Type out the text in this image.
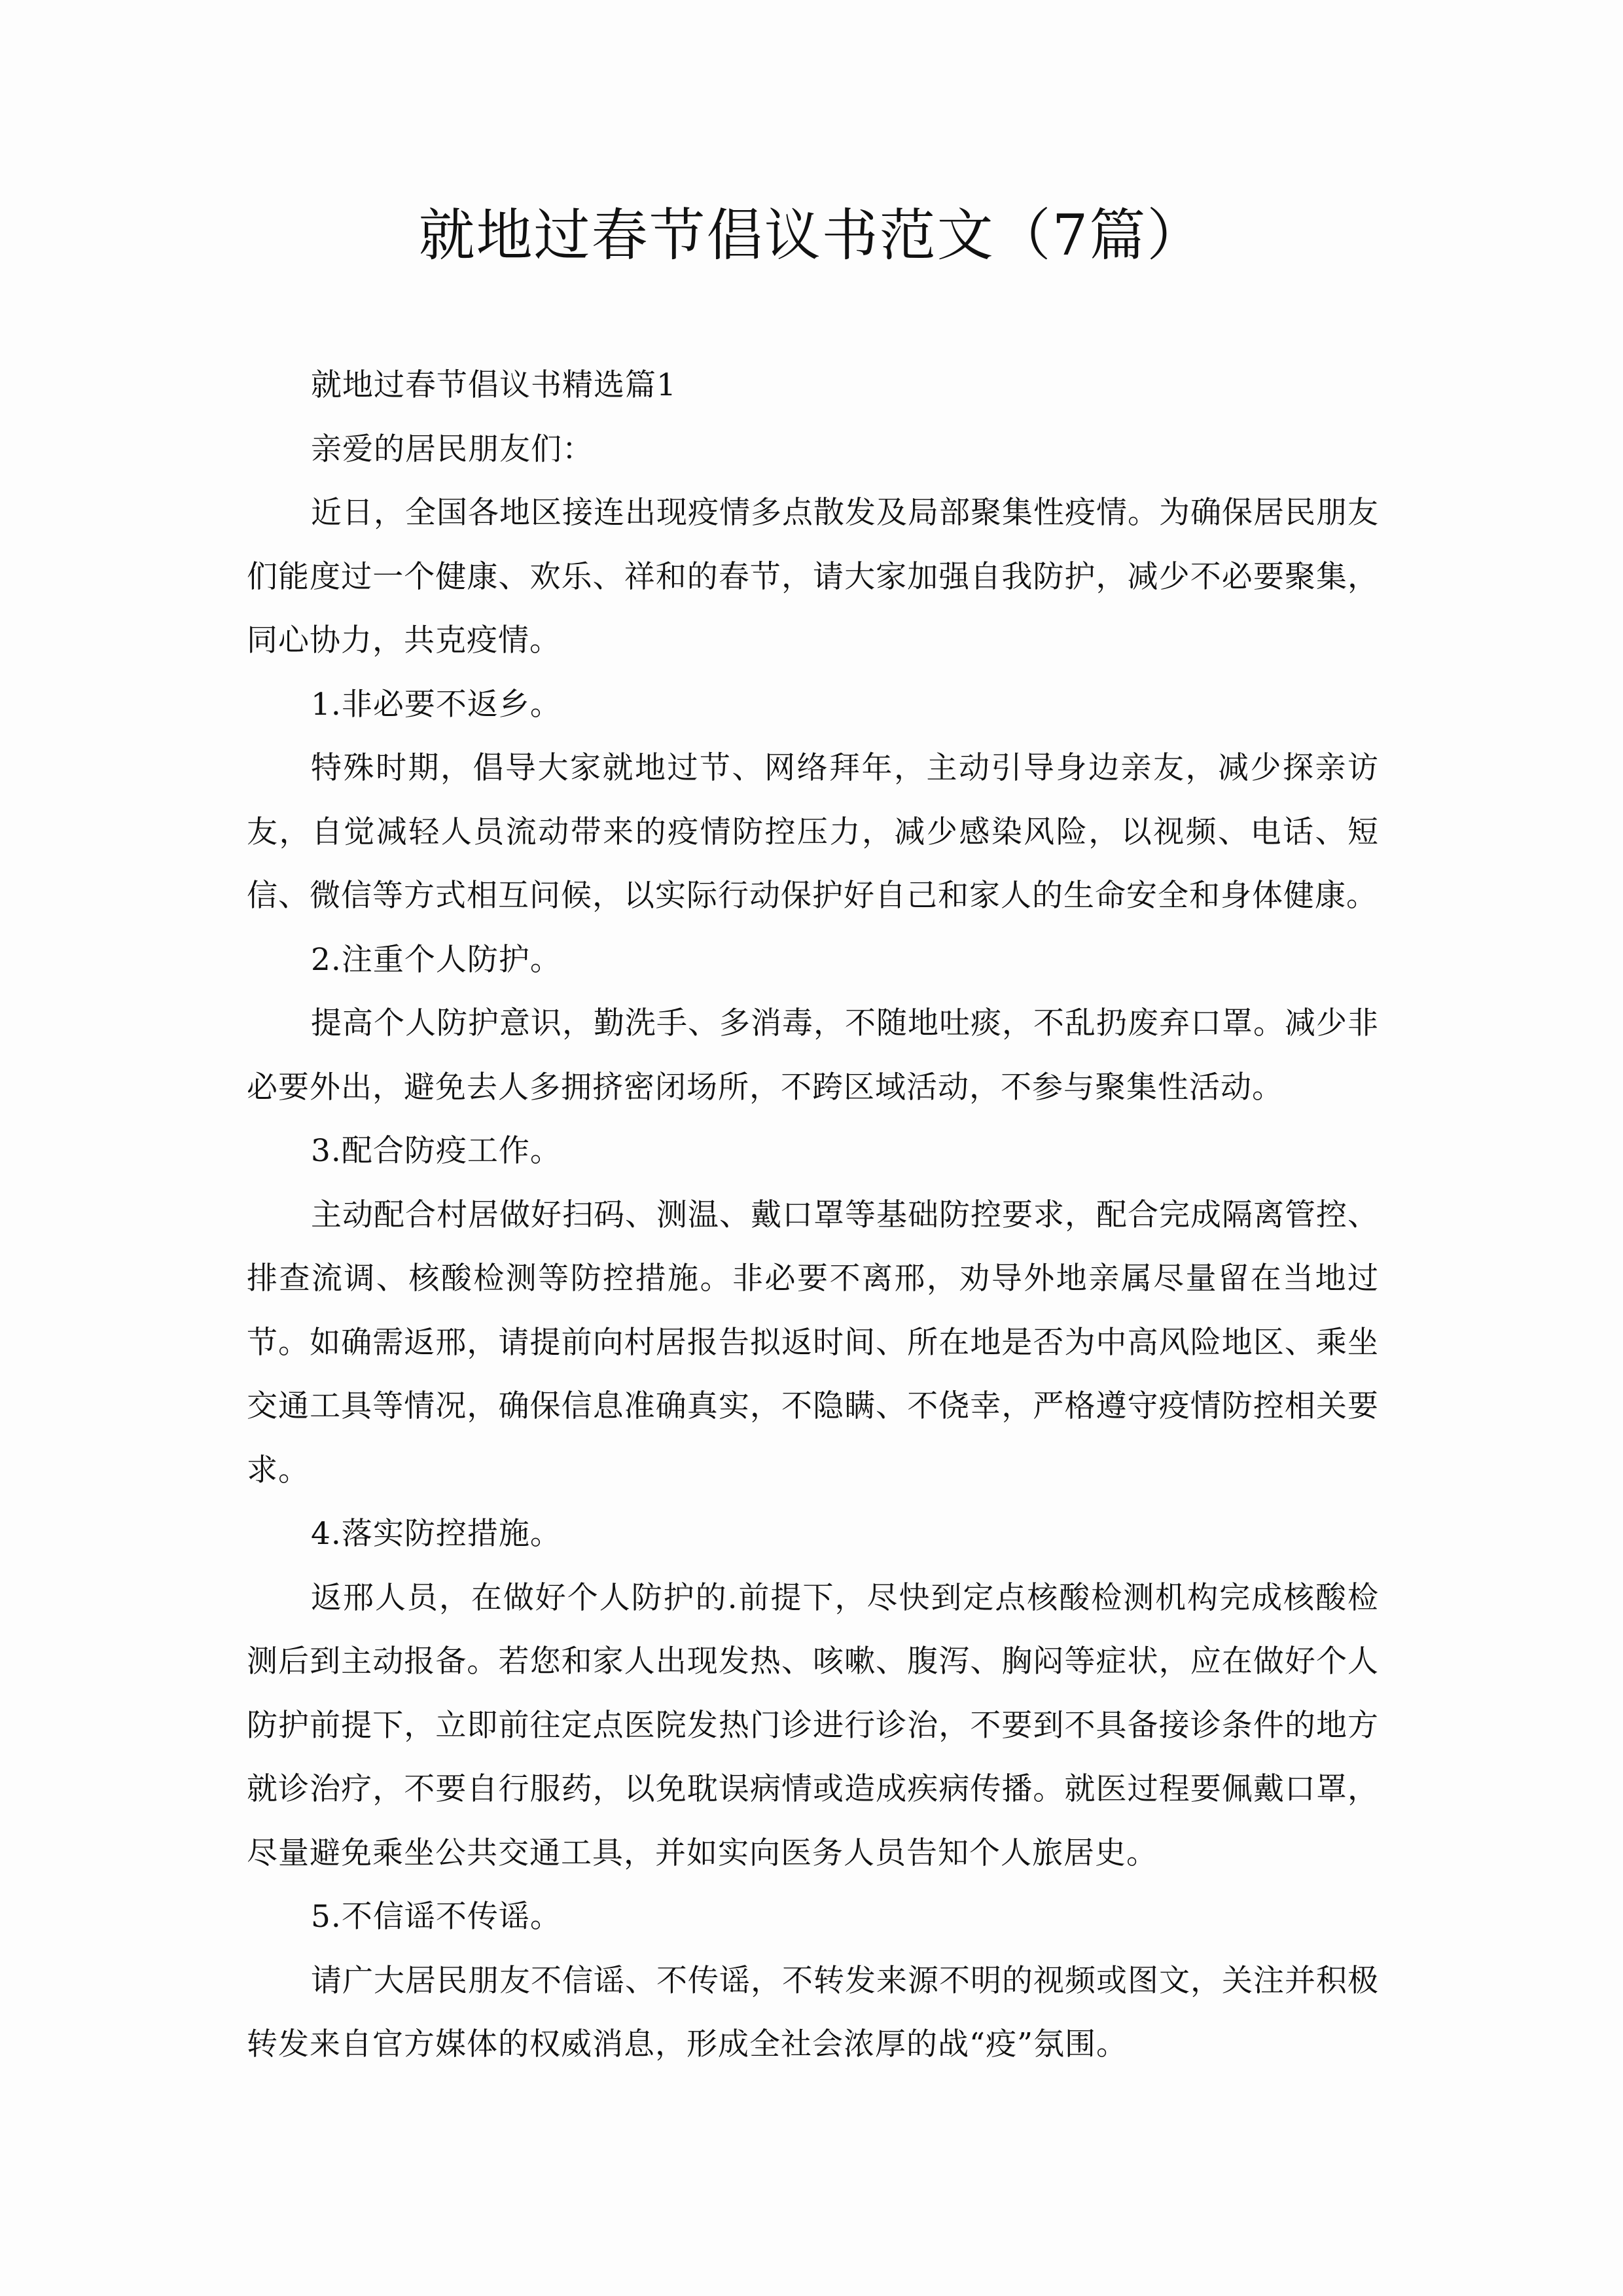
就地过春节倡议书范文（7篇）

就地过春节倡议书精选篇1

亲爱的居民朋友们：

近日，全国各地区接连出现疫情多点散发及局部聚集性疫情。为确保居民朋友们能度过一个健康、欢乐、祥和的春节，请大家加强自我防护，减少不必要聚集，同心协力，共克疫情。

1.非必要不返乡。

特殊时期，倡导大家就地过节、网络拜年，主动引导身边亲友，减少探亲访友，自觉减轻人员流动带来的疫情防控压力，减少感染风险，以视频、电话、短信、微信等方式相互问候，以实际行动保护好自己和家人的生命安全和身体健康。

2.注重个人防护。

提高个人防护意识，勤洗手、多消毒，不随地吐痰，不乱扔废弃口罩。减少非必要外出，避免去人多拥挤密闭场所，不跨区域活动，不参与聚集性活动。

3.配合防疫工作。

主动配合村居做好扫码、测温、戴口罩等基础防控要求，配合完成隔离管控、排查流调、核酸检测等防控措施。非必要不离邢，劝导外地亲属尽量留在当地过节。如确需返邢，请提前向村居报告拟返时间、所在地是否为中高风险地区、乘坐交通工具等情况，确保信息准确真实，不隐瞒、不侥幸，严格遵守疫情防控相关要求。

4.落实防控措施。

返邢人员，在做好个人防护的.前提下，尽快到定点核酸检测机构完成核酸检测后到主动报备。若您和家人出现发热、咳嗽、腹泻、胸闷等症状，应在做好个人防护前提下，立即前往定点医院发热门诊进行诊治，不要到不具备接诊条件的地方就诊治疗，不要自行服药，以免耽误病情或造成疾病传播。就医过程要佩戴口罩，尽量避免乘坐公共交通工具，并如实向医务人员告知个人旅居史。

5.不信谣不传谣。

请广大居民朋友不信谣、不传谣，不转发来源不明的视频或图文，关注并积极转发来自官方媒体的权威消息，形成全社会浓厚的战“疫”氛围。
